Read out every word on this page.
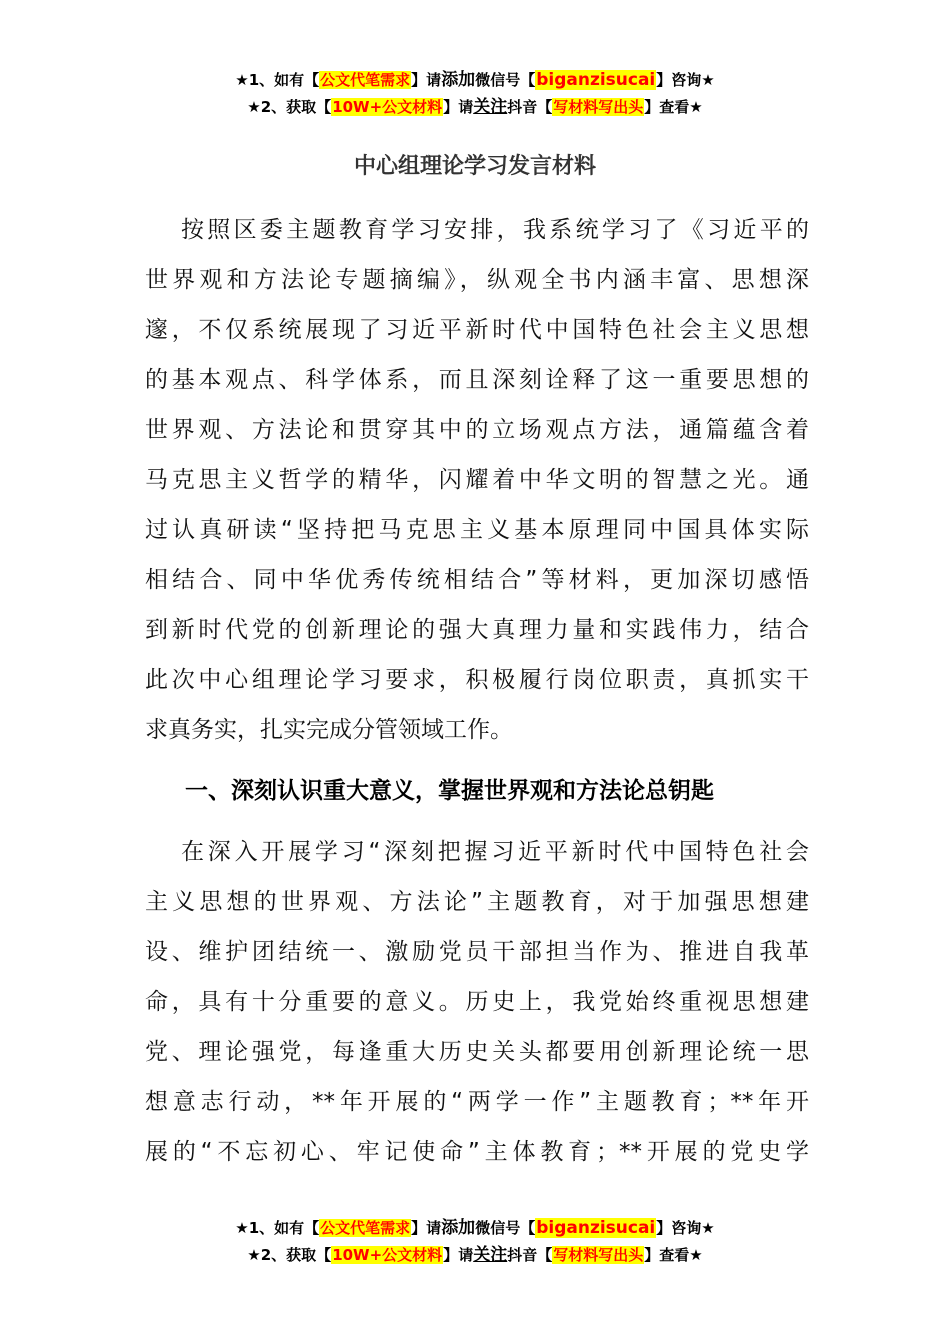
★1、如有【公文代笔需求】请添加微信号【biganzisucai】咨询★
★2、获取【10W+公文材料】请关注抖音【写材料写出头】查看★
中心组理论学习发言材料
按照区委主题教育学习安排，我系统学习了《习近平的
世界观和方法论专题摘编》，纵观全书内涵丰富、思想深
邃，不仅系统展现了习近平新时代中国特色社会主义思想
的基本观点、科学体系，而且深刻诠释了这一重要思想的
世界观、方法论和贯穿其中的立场观点方法，通篇蕴含着
马克思主义哲学的精华，闪耀着中华文明的智慧之光。通
过认真研读“坚持把马克思主义基本原理同中国具体实际
相结合、同中华优秀传统相结合”等材料，更加深切感悟
到新时代党的创新理论的强大真理力量和实践伟力，结合
此次中心组理论学习要求，积极履行岗位职责，真抓实干
求真务实，扎实完成分管领域工作。
一、深刻认识重大意义，掌握世界观和方法论总钥匙
在深入开展学习“深刻把握习近平新时代中国特色社会
主义思想的世界观、方法论”主题教育，对于加强思想建
设、维护团结统一、激励党员干部担当作为、推进自我革
命，具有十分重要的意义。历史上，我党始终重视思想建
党、理论强党，每逢重大历史关头都要用创新理论统一思
想意志行动，**年开展的“两学一作”主题教育；**年开
展的“不忘初心、牢记使命”主体教育；**开展的党史学
★1、如有【公文代笔需求】请添加微信号【biganzisucai】咨询★
★2、获取【10W+公文材料】请关注抖音【写材料写出头】查看★
